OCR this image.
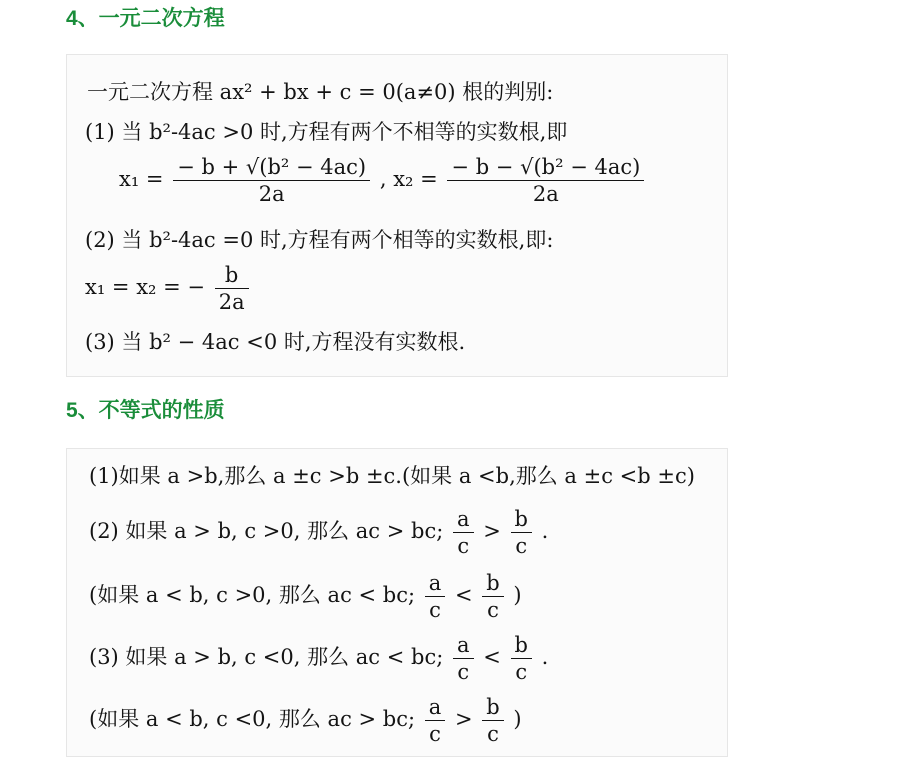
4、一元二次方程
一元二次方程 ax² + bx + c = 0(a≠0) 根的判别:
(1) 当 b²-4ac >0 时,方程有两个不相等的实数根,即
$x_1 = \frac{\text{− b + √(b² − 4ac)}}{2a}$ , $x_2 = \frac{\text{− b − √(b² − 4ac)}}{2a}$
(2) 当 b²-4ac =0 时,方程有两个相等的实数根,即:
x₁ = x₂ = − $\frac{b}{2a}$
(3) 当 b² − 4ac <0 时,方程没有实数根.
5、不等式的性质
(1)如果 a >b,那么 a ±c >b ±c.(如果 a <b,那么 a ±c <b ±c)
(2) 如果 a > b, c >0, 那么 ac > bc; $\frac{a}{c} > \frac{b}{c}$ .
(如果 a < b, c >0, 那么 ac < bc; $\frac{a}{c} < \frac{b}{c}$ )
(3) 如果 a > b, c <0, 那么 ac < bc; $\frac{a}{c} < \frac{b}{c}$ .
(如果 a < b, c <0, 那么 ac > bc; $\frac{a}{c} > \frac{b}{c}$ )
